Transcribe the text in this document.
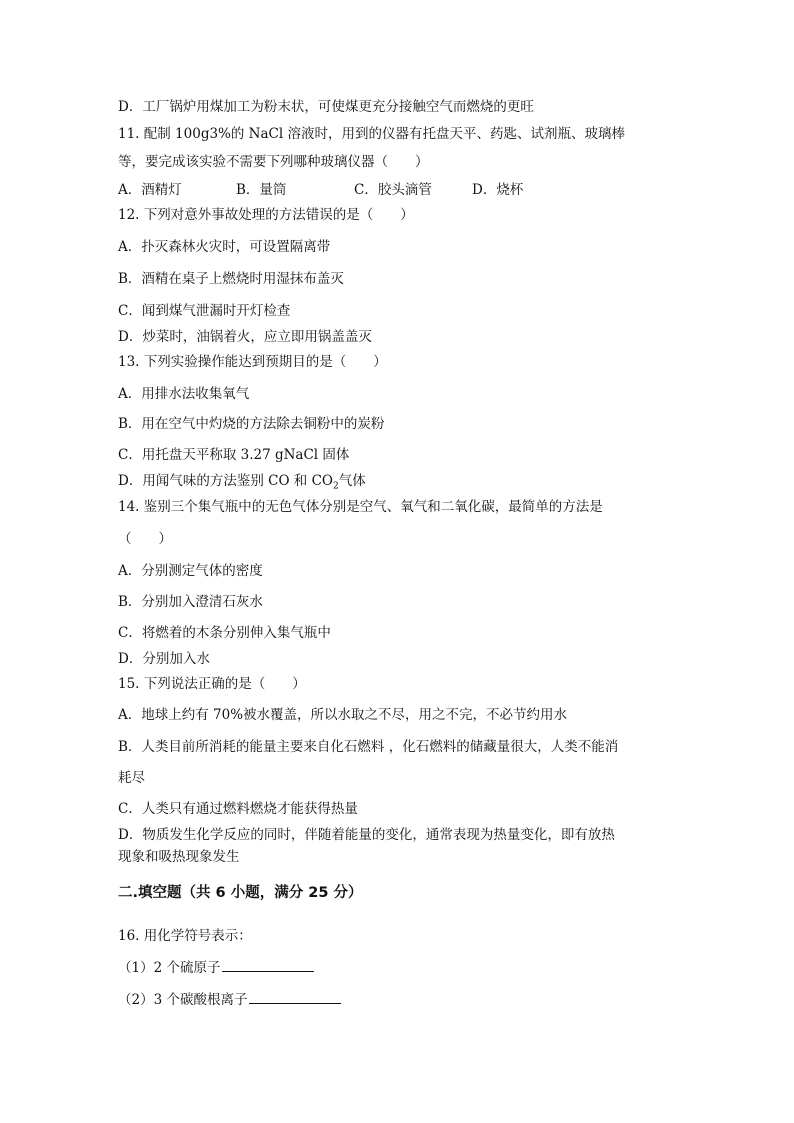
D．工厂锅炉用煤加工为粉末状，可使煤更充分接触空气而燃烧的更旺
11. 配制 100g3%的 NaCl 溶液时，用到的仪器有托盘天平、药匙、试剂瓶、玻璃棒
等，要完成该实验不需要下列哪种玻璃仪器（　　）
A．酒精灯	B．量筒	C．胶头滴管	D．烧杯
12. 下列对意外事故处理的方法错误的是（　　）
A．扑灭森林火灾时，可设置隔离带
B．酒精在桌子上燃烧时用湿抹布盖灭
C．闻到煤气泄漏时开灯检查
D．炒菜时，油锅着火，应立即用锅盖盖灭
13. 下列实验操作能达到预期目的是（　　）
A．用排水法收集氧气
B．用在空气中灼烧的方法除去铜粉中的炭粉
C．用托盘天平称取 3.27 gNaCl 固体
D．用闻气味的方法鉴别 CO 和 $CO_2$气体
14. 鉴别三个集气瓶中的无色气体分别是空气、氧气和二氧化碳，最简单的方法是
（　　）
A．分别测定气体的密度
B．分别加入澄清石灰水
C．将燃着的木条分别伸入集气瓶中
D．分别加入水
15. 下列说法正确的是（　　）
A．地球上约有 70%被水覆盖，所以水取之不尽，用之不完，不必节约用水
B．人类目前所消耗的能量主要来自化石燃料 ，化石燃料的储藏量很大，人类不能消
耗尽
C．人类只有通过燃料燃烧才能获得热量
D．物质发生化学反应的同时，伴随着能量的变化，通常表现为热量变化，即有放热
现象和吸热现象发生
二.填空题（共 6 小题，满分 25 分）
16. 用化学符号表示：
（1）2 个硫原子
（2）3 个碳酸根离子
